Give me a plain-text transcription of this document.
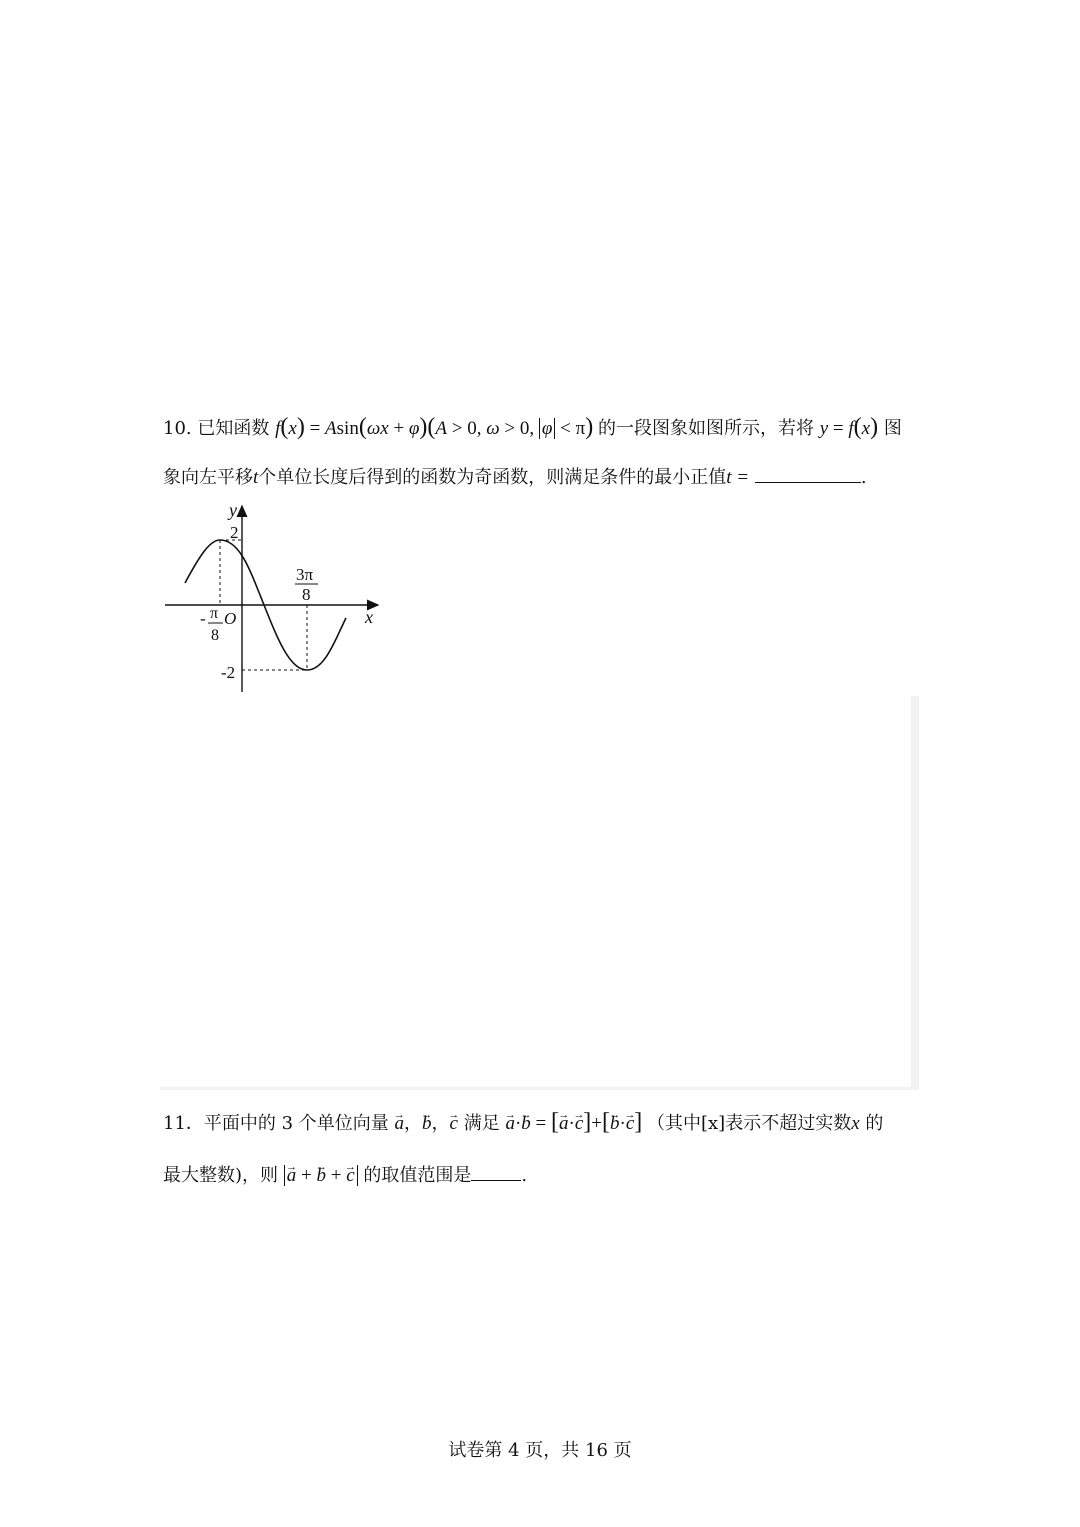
10. 已知函数 f(x) = Asin(ωx + φ)(A > 0, ω > 0, φ < π) 的一段图象如图所示，若将 y = f(x) 图
象向左平移t个单位长度后得到的函数为奇函数，则满足条件的最小正值t =	.
y
x
O
2
-2
- π
8
3π
8
11．平面中的 3 个单位向量 → a，→ b，→ c 满足 → a·→ b = [→ a·→ c]+[→ b·→ c] （其中[x]表示不超过实数x 的
最大整数)，则 → a + → b + → c 的取值范围是	.
试卷第 4 页，共 16 页
